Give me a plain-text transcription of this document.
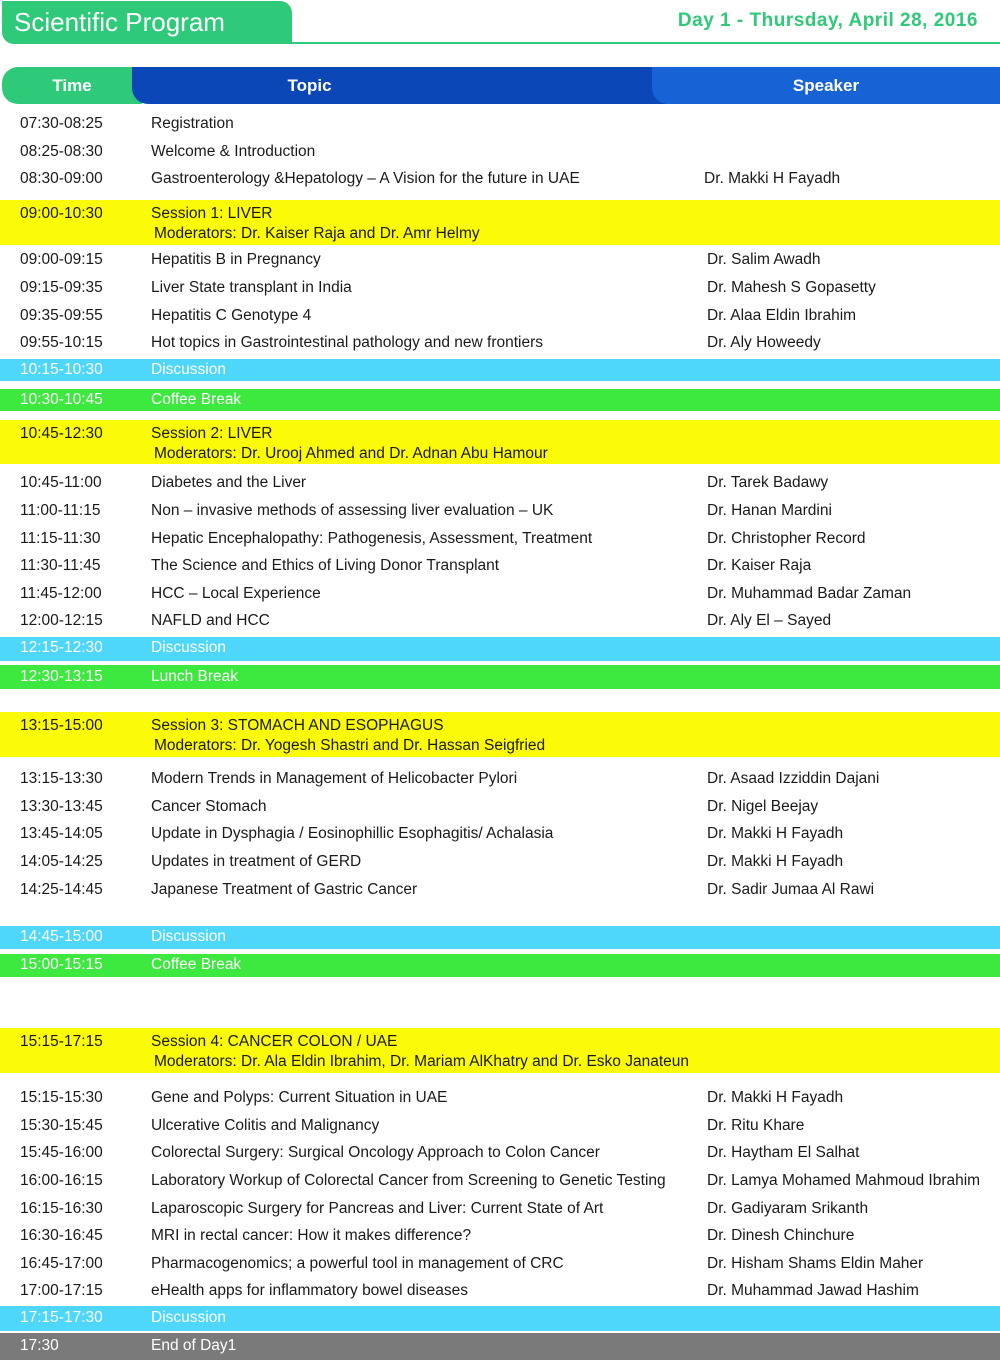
Scientific Program	Day 1 - Thursday, April 28, 2016
Time	Topic	Speaker
07:30-08:25	Registration
08:25-08:30	Welcome & Introduction
08:30-09:00	Gastroenterology &Hepatology – A Vision for the future in UAE	Dr. Makki H Fayadh
09:00-10:30	Session 1: LIVER
Moderators: Dr. Kaiser Raja and Dr. Amr Helmy
09:00-09:15	Hepatitis B in Pregnancy	Dr. Salim Awadh
09:15-09:35	Liver State transplant in India	Dr. Mahesh S Gopasetty
09:35-09:55	Hepatitis C Genotype 4	Dr. Alaa Eldin Ibrahim
09:55-10:15	Hot topics in Gastrointestinal pathology and new frontiers	Dr. Aly Howeedy
10:15-10:30	Discussion
10:30-10:45	Coffee Break
10:45-12:30	Session 2: LIVER
Moderators: Dr. Urooj Ahmed and Dr. Adnan Abu Hamour
10:45-11:00	Diabetes and the Liver	Dr. Tarek Badawy
11:00-11:15	Non – invasive methods of assessing liver evaluation – UK	Dr. Hanan Mardini
11:15-11:30	Hepatic Encephalopathy: Pathogenesis, Assessment, Treatment	Dr. Christopher Record
11:30-11:45	The Science and Ethics of Living Donor Transplant	Dr. Kaiser Raja
11:45-12:00	HCC – Local Experience	Dr. Muhammad Badar Zaman
12:00-12:15	NAFLD and HCC	Dr. Aly El – Sayed
12:15-12:30	Discussion
12:30-13:15	Lunch Break
13:15-15:00	Session 3: STOMACH AND ESOPHAGUS
Moderators: Dr. Yogesh Shastri and Dr. Hassan Seigfried
13:15-13:30	Modern Trends in Management of Helicobacter Pylori	Dr. Asaad Izziddin Dajani
13:30-13:45	Cancer Stomach	Dr. Nigel Beejay
13:45-14:05	Update in Dysphagia / Eosinophillic Esophagitis/ Achalasia	Dr. Makki H Fayadh
14:05-14:25	Updates in treatment of GERD	Dr. Makki H Fayadh
14:25-14:45	Japanese Treatment of Gastric Cancer	Dr. Sadir Jumaa Al Rawi
14:45-15:00	Discussion
15:00-15:15	Coffee Break
15:15-17:15	Session 4: CANCER COLON / UAE
Moderators: Dr. Ala Eldin Ibrahim, Dr. Mariam AlKhatry and Dr. Esko Janateun
15:15-15:30	Gene and Polyps: Current Situation in UAE	Dr. Makki H Fayadh
15:30-15:45	Ulcerative Colitis and Malignancy	Dr. Ritu Khare
15:45-16:00	Colorectal Surgery: Surgical Oncology Approach to Colon Cancer	Dr. Haytham El Salhat
16:00-16:15	Laboratory Workup of Colorectal Cancer from Screening to Genetic Testing	Dr. Lamya Mohamed Mahmoud Ibrahim
16:15-16:30	Laparoscopic Surgery for Pancreas and Liver: Current State of Art	Dr. Gadiyaram Srikanth
16:30-16:45	MRI in rectal cancer: How it makes difference?	Dr. Dinesh Chinchure
16:45-17:00	Pharmacogenomics; a powerful tool in management of CRC	Dr. Hisham Shams Eldin Maher
17:00-17:15	eHealth apps for inflammatory bowel diseases	Dr. Muhammad Jawad Hashim
17:15-17:30	Discussion
17:30	End of Day1
